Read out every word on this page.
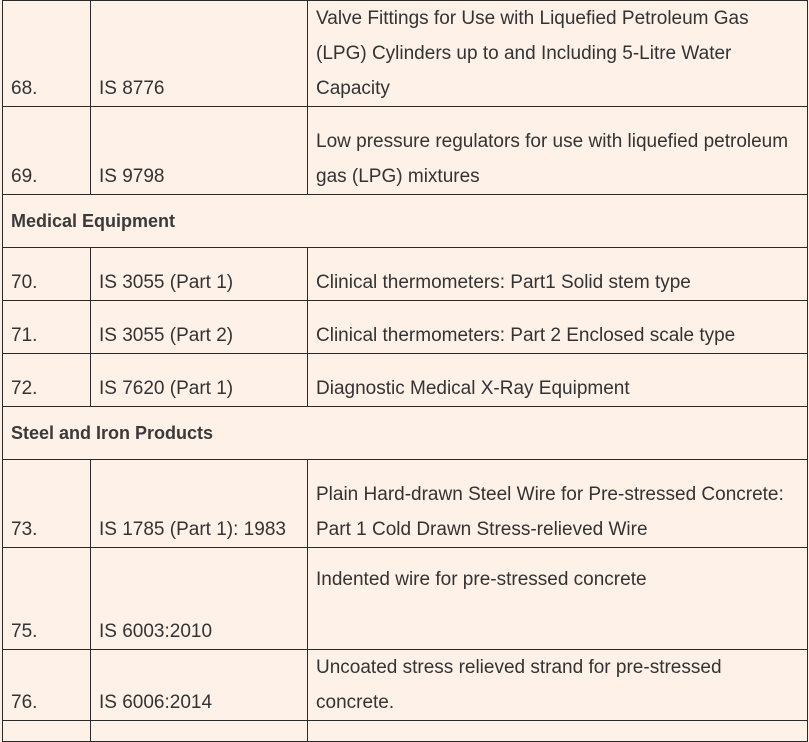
68.	IS 8776	Valve Fittings for Use with Liquefied Petroleum Gas (LPG) Cylinders up to and Including 5-Litre Water Capacity
69.	IS 9798	Low pressure regulators for use with liquefied petroleum gas (LPG) mixtures
Medical Equipment		
70.	IS 3055 (Part 1)	Clinical thermometers: Part1 Solid stem type
71.	IS 3055 (Part 2)	Clinical thermometers: Part 2 Enclosed scale type
72.	IS 7620 (Part 1)	Diagnostic Medical X-Ray Equipment
Steel and Iron Products		
73.	IS 1785 (Part 1): 1983	Plain Hard-drawn Steel Wire for Pre-stressed Concrete: Part 1 Cold Drawn Stress-relieved Wire
75.	IS 6003:2010	Indented wire for pre-stressed concrete
76.	IS 6006:2014	Uncoated stress relieved strand for pre-stressed concrete.
